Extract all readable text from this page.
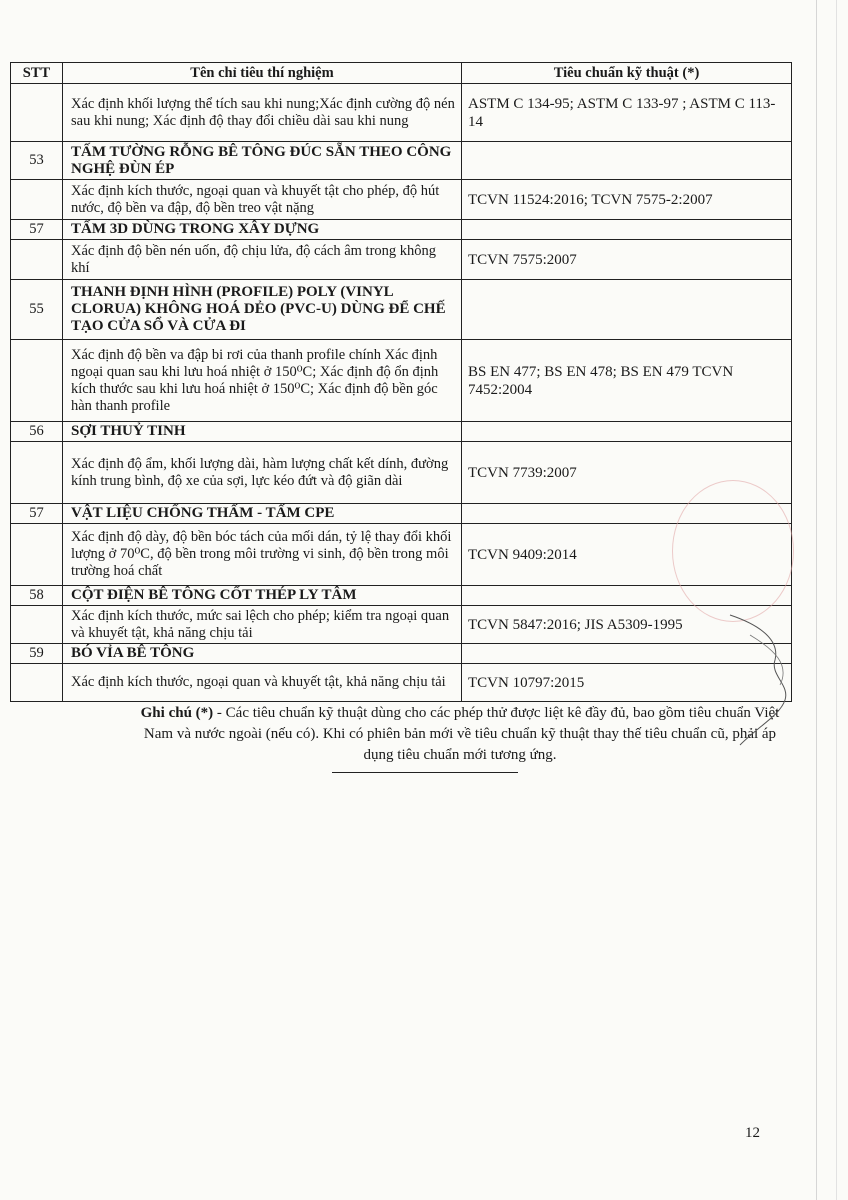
STT	Tên chỉ tiêu thí nghiệm	Tiêu chuẩn kỹ thuật (*)
	Xác định khối lượng thể tích sau khi nung;Xác định cường độ nén sau khi nung; Xác định độ thay đổi chiều dài sau khi nung	ASTM C 134-95; ASTM C 133-97 ; ASTM C 113-14
53	TẤM TƯỜNG RỖNG BÊ TÔNG ĐÚC SẴN THEO CÔNG NGHỆ ĐÙN ÉP	
	Xác định kích thước, ngoại quan và khuyết tật cho phép, độ hút nước, độ bền va đập, độ bền treo vật nặng	TCVN 11524:2016; TCVN 7575-2:2007
57	TẤM 3D DÙNG TRONG XÂY DỰNG	
	Xác định độ bền nén uốn, độ chịu lửa, độ cách âm trong không khí	TCVN 7575:2007
55	THANH ĐỊNH HÌNH (PROFILE) POLY (VINYL CLORUA) KHÔNG HOÁ DẺO (PVC-U) DÙNG ĐỂ CHẾ TẠO CỬA SỔ VÀ CỬA ĐI	
	Xác định độ bền va đập bi rơi của thanh profile chính Xác định ngoại quan sau khi lưu hoá nhiệt ở 150⁰C; Xác định độ ổn định kích thước sau khi lưu hoá nhiệt ở 150⁰C; Xác định độ bền góc hàn thanh profile	BS EN 477; BS EN 478; BS EN 479 TCVN 7452:2004
56	SỢI THUỶ TINH	
	Xác định độ ẩm, khối lượng dài, hàm lượng chất kết dính, đường kính trung bình, độ xe của sợi, lực kéo đứt và độ giãn dài	TCVN 7739:2007
57	VẬT LIỆU CHỐNG THẤM - TẤM CPE	
	Xác định độ dày, độ bền bóc tách của mối dán, tỷ lệ thay đổi khối lượng ở 70⁰C, độ bền trong môi trường vi sinh, độ bền trong môi trường hoá chất	TCVN 9409:2014
58	CỘT ĐIỆN BÊ TÔNG CỐT THÉP LY TÂM	
	Xác định kích thước, mức sai lệch cho phép; kiểm tra ngoại quan và khuyết tật, khả năng chịu tải	TCVN 5847:2016; JIS A5309-1995
59	BÓ VỈA BÊ TÔNG	
	Xác định kích thước, ngoại quan và khuyết tật, khả năng chịu tải	TCVN 10797:2015
Ghi chú (*) - Các tiêu chuẩn kỹ thuật dùng cho các phép thử được liệt kê đầy đủ, bao gồm tiêu chuẩn Việt Nam và nước ngoài (nếu có). Khi có phiên bản mới về tiêu chuẩn kỹ thuật thay thế tiêu chuẩn cũ, phải áp dụng tiêu chuẩn mới tương ứng.
12
